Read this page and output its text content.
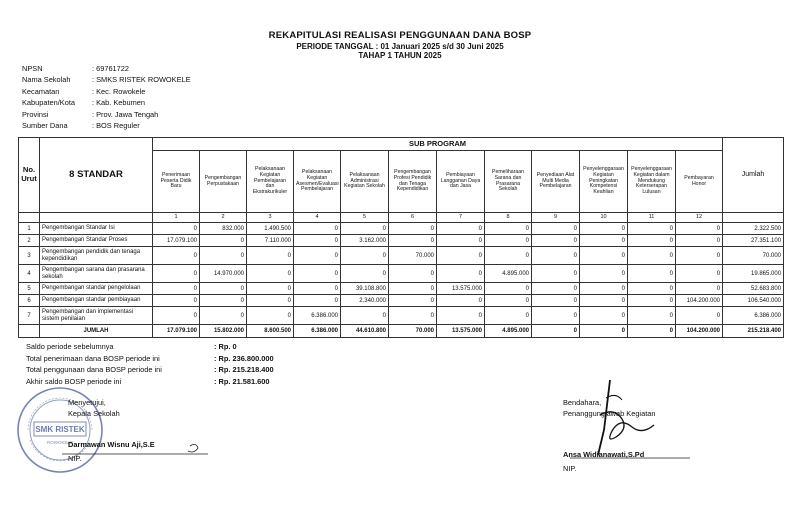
REKAPITULASI REALISASI PENGGUNAAN DANA BOSP
PERIODE TANGGAL : 01 Januari 2025 s/d 30 Juni 2025
TAHAP 1 TAHUN 2025
NPSN	: 69761722
Nama Sekolah	: SMKS RISTEK ROWOKELE
Kecamatan	: Kec. Rowokele
Kabupaten/Kota	: Kab. Kebumen
Provinsi	: Prov. Jawa Tengah
Sumber Dana	: BOS Reguler
No. Urut	8 STANDAR	SUB PROGRAM												Jumlah
		Penerimaan Peserta Didik Baru	Pengembangan Perpustakaan	Pelaksanaan Kegiatan Pembelajaran dan Ekstrakurikuler	Pelaksanaan Kegiatan Asesmen/Evaluasi Pembelajaran	Pelaksanaan Administrasi Kegiatan Sekolah	Pengembangan Profesi Pendidik dan Tenaga Kependidikan	Pembiayaan Langganan Daya dan Jasa	Pemeliharaan Sarana dan Prasarana Sekolah	Penyediaan Alat Multi Media Pembelajaran	Penyelenggaraan Kegiatan Peningkatan Kompetensi Keahlian	Penyelenggaraan Kegiatan dalam Mendukung Keterserapan Lulusan	Pembayaran Honor	
		1	2	3	4	5	6	7	8	9	10	11	12	
1	Pengembangan Standar Isi	0	832.000	1.490.500	0	0	0	0	0	0	0	0	0	2.322.500
2	Pengembangan Standar Proses	17.079.100	0	7.110.000	0	3.162.000	0	0	0	0	0	0	0	27.351.100
3	Pengembangan pendidik dan tenaga kependidikan	0	0	0	0	0	70.000	0	0	0	0	0	0	70.000
4	Pengembangan sarana dan prasarana sekolah	0	14.970.000	0	0	0	0	0	4.895.000	0	0	0	0	19.865.000
5	Pengembangan standar pengelolaan	0	0	0	0	39.108.800	0	13.575.000	0	0	0	0	0	52.683.800
6	Pengembangan standar pembiayaan	0	0	0	0	2.340.000	0	0	0	0	0	0	104.200.000	106.540.000
7	Pengembangan dan implementasi sistem penilaian	0	0	0	6.386.000	0	0	0	0	0	0	0	0	6.386.000
	JUMLAH	17.079.100	15.802.000	8.600.500	6.386.000	44.610.800	70.000	13.575.000	4.895.000	0	0	0	104.200.000	215.218.400
Saldo periode sebelumnya	: Rp. 0
Total penerimaan dana BOSP periode ini	: Rp. 236.800.000
Total penggunaan dana BOSP periode ini	: Rp. 215.218.400
Akhir saldo BOSP periode ini	: Rp. 21.581.600
SMK RISTEK
ROWOKELE
Menyetujui,
Kepala Sekolah
Darmawan Wisnu Aji,S.E
NIP.
Bendahara,
Penanggungjawab Kegiatan
Ansa Widianawati,S.Pd
NIP.
